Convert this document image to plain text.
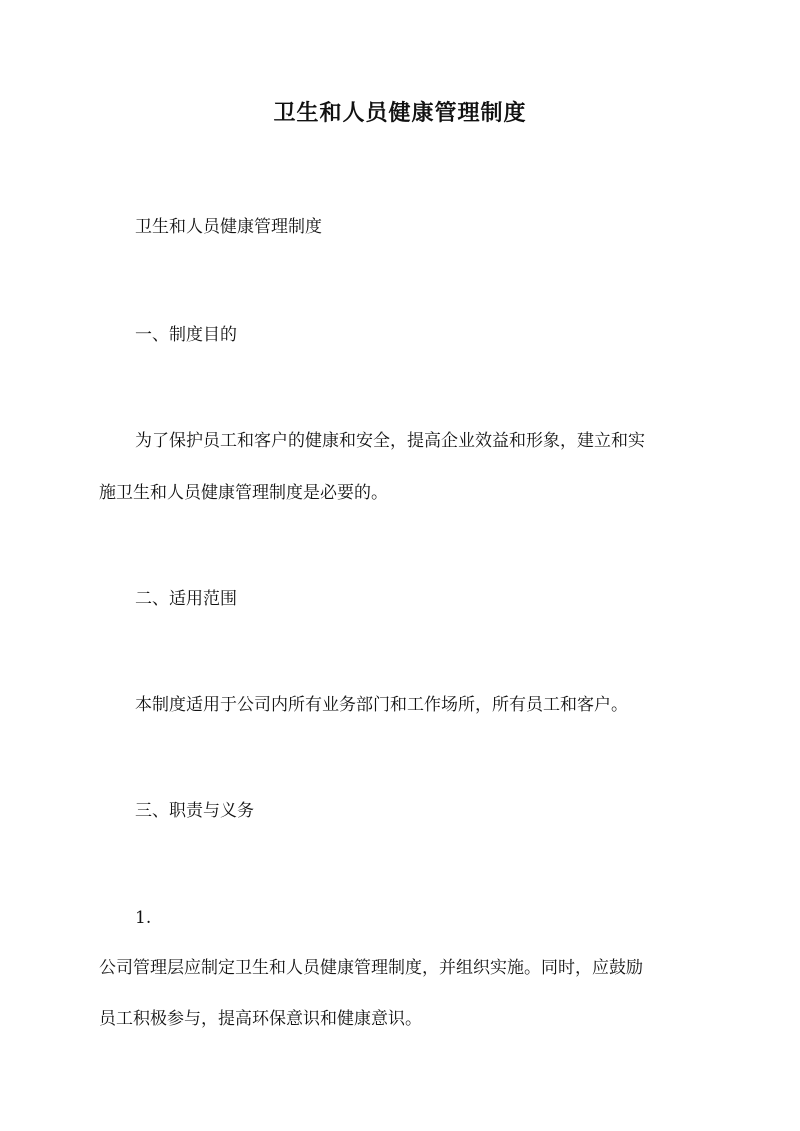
卫生和人员健康管理制度
卫生和人员健康管理制度
一、制度目的
为了保护员工和客户的健康和安全，提高企业效益和形象，建立和实
施卫生和人员健康管理制度是必要的。
二、适用范围
本制度适用于公司内所有业务部门和工作场所，所有员工和客户。
三、职责与义务
1.
公司管理层应制定卫生和人员健康管理制度，并组织实施。同时，应鼓励
员工积极参与，提高环保意识和健康意识。
